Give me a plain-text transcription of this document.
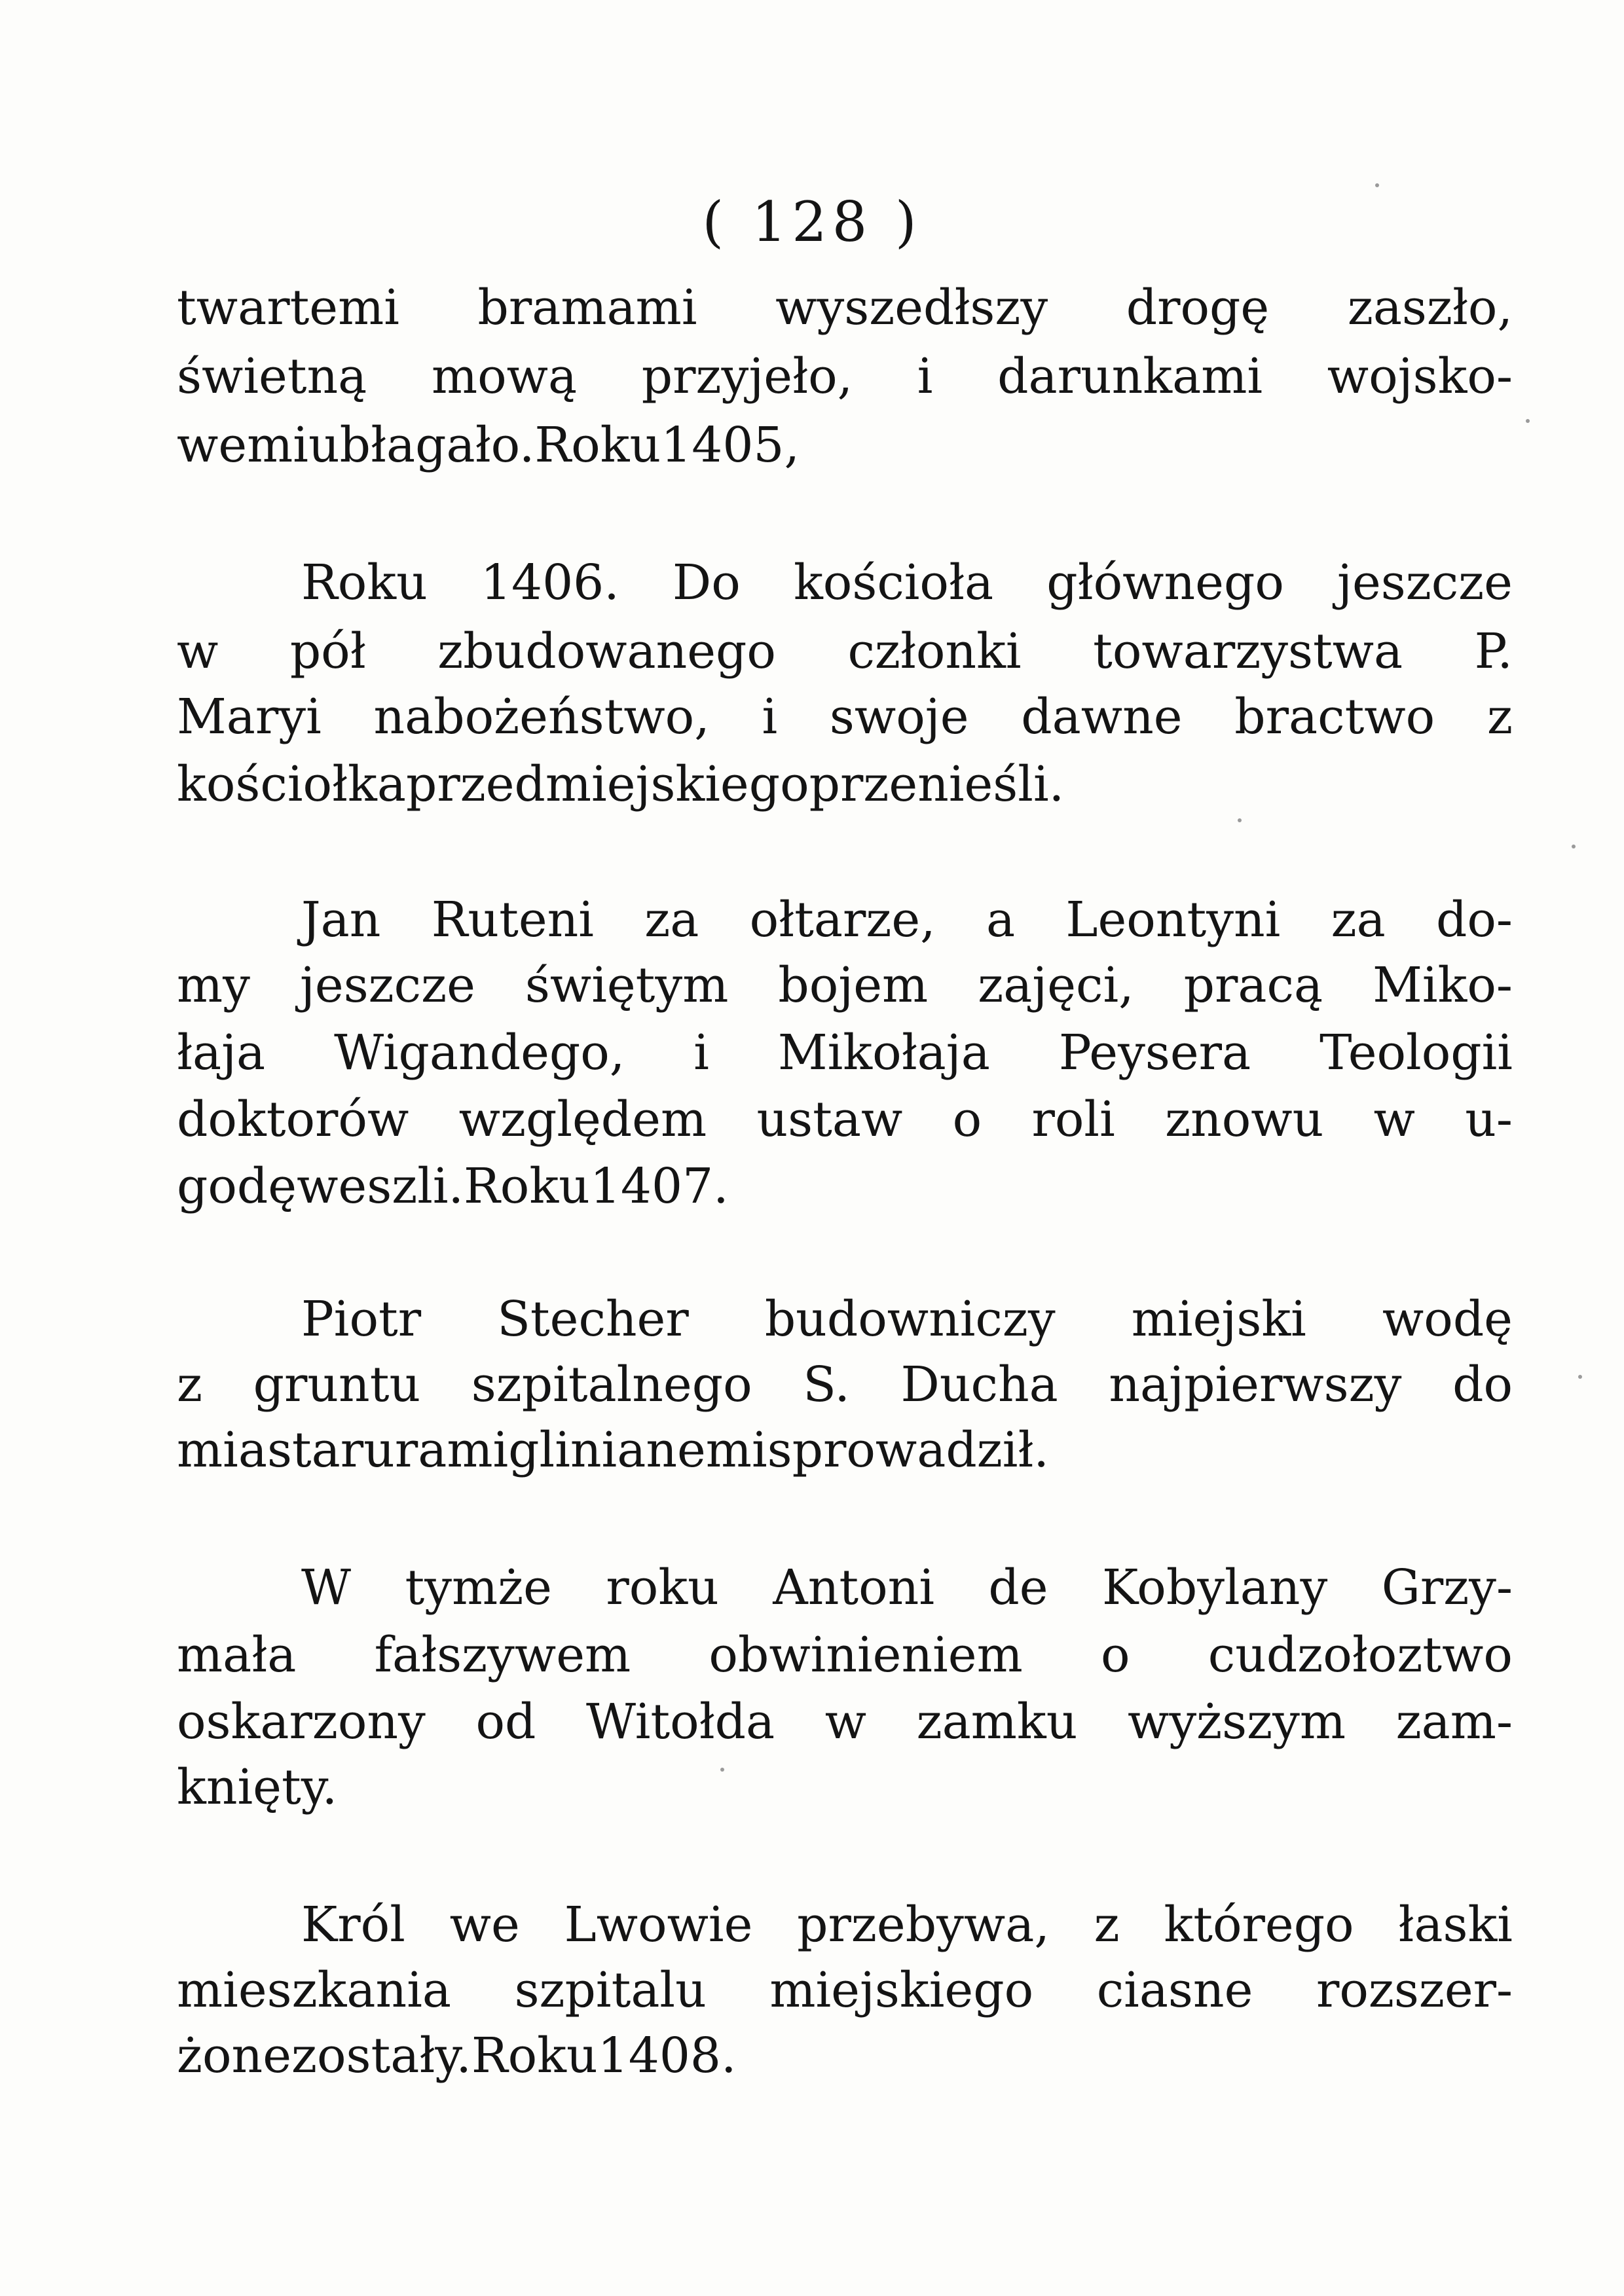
( 128 )
twartemi bramami wyszedłszy drogę zaszło,
świetną mową przyjeło, i darunkami wojsko-
wemi ubłagało. Roku 1405,
Roku 1406. Do kościoła głównego jeszcze
w pół zbudowanego członki towarzystwa P.
Maryi nabożeństwo, i swoje dawne bractwo z
kościołka przedmiejskiego przenieśli.
Jan Ruteni za ołtarze, a Leontyni za do-
my jeszcze świętym bojem zajęci, pracą Miko-
łaja Wigandego, i Mikołaja Peysera Teologii
doktorów względem ustaw o roli znowu w u-
godę weszli. Roku 1407.
Piotr Stecher budowniczy miejski wodę
z gruntu szpitalnego S. Ducha najpierwszy do
miasta rurami glinianemi sprowadził.
W tymże roku Antoni de Kobylany Grzy-
mała fałszywem obwinieniem o cudzołoztwo
oskarzony od Witołda w zamku wyższym zam-
knięty.
Król we Lwowie przebywa, z którego łaski
mieszkania szpitalu miejskiego ciasne rozszer-
żone zostały. Roku 1408.
